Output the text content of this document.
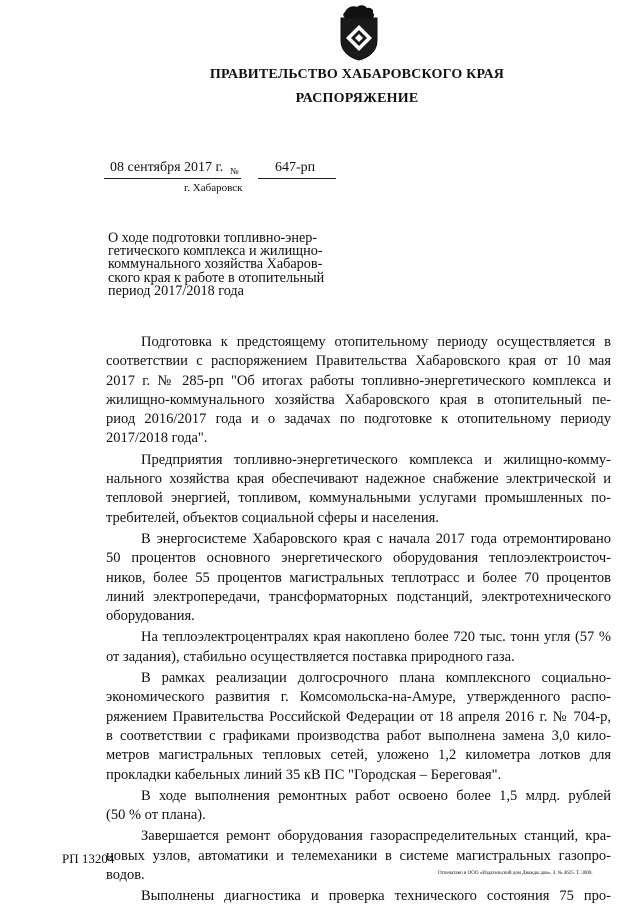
ПРАВИТЕЛЬСТВО ХАБАРОВСКОГО КРАЯ
РАСПОРЯЖЕНИЕ
08 сентября 2017 г. №	647-рп
г. Хабаровск
О ходе подготовки топливно-энер-
гетического комплекса и жилищно-
коммунального хозяйства Хабаров-
ского края к работе в отопительный
период 2017/2018 года
Подготовка к предстоящему отопительному периоду осуществляется в
соответствии с распоряжением Правительства Хабаровского края от 10 мая
2017 г. № 285-рп "Об итогах работы топливно-энергетического комплекса и
жилищно-коммунального хозяйства Хабаровского края в отопительный пе-
риод 2016/2017 года и о задачах по подготовке к отопительному периоду
2017/2018 года".
Предприятия топливно-энергетического комплекса и жилищно-комму-
нального хозяйства края обеспечивают надежное снабжение электрической и
тепловой энергией, топливом, коммунальными услугами промышленных по-
требителей, объектов социальной сферы и населения.
В энергосистеме Хабаровского края с начала 2017 года отремонтировано
50 процентов основного энергетического оборудования теплоэлектроисточ-
ников, более 55 процентов магистральных теплотрасс и более 70 процентов
линий электропередачи, трансформаторных подстанций, электротехнического
оборудования.
На теплоэлектроцентралях края накоплено более 720 тыс. тонн угля (57 %
от задания), стабильно осуществляется поставка природного газа.
В рамках реализации долгосрочного плана комплексного социально-
экономического развития г. Комсомольска-на-Амуре, утвержденного распо-
ряжением Правительства Российской Федерации от 18 апреля 2016 г. № 704-р,
в соответствии с графиками производства работ выполнена замена 3,0 кило-
метров магистральных тепловых сетей, уложено 1,2 километра лотков для
прокладки кабельных линий 35 кВ ПС "Городская – Береговая".
В ходе выполнения ремонтных работ освоено более 1,5 млрд. рублей
(50 % от плана).
Завершается ремонт оборудования газораспределительных станций, кра-
новых узлов, автоматики и телемеханики в системе магистральных газопро-
водов.
Выполнены диагностика и проверка технического состояния 75 про-
РП 13204
Отпечатано в ООО «Издательский дом Дважды два». З. № 4625. Т. 3000.
